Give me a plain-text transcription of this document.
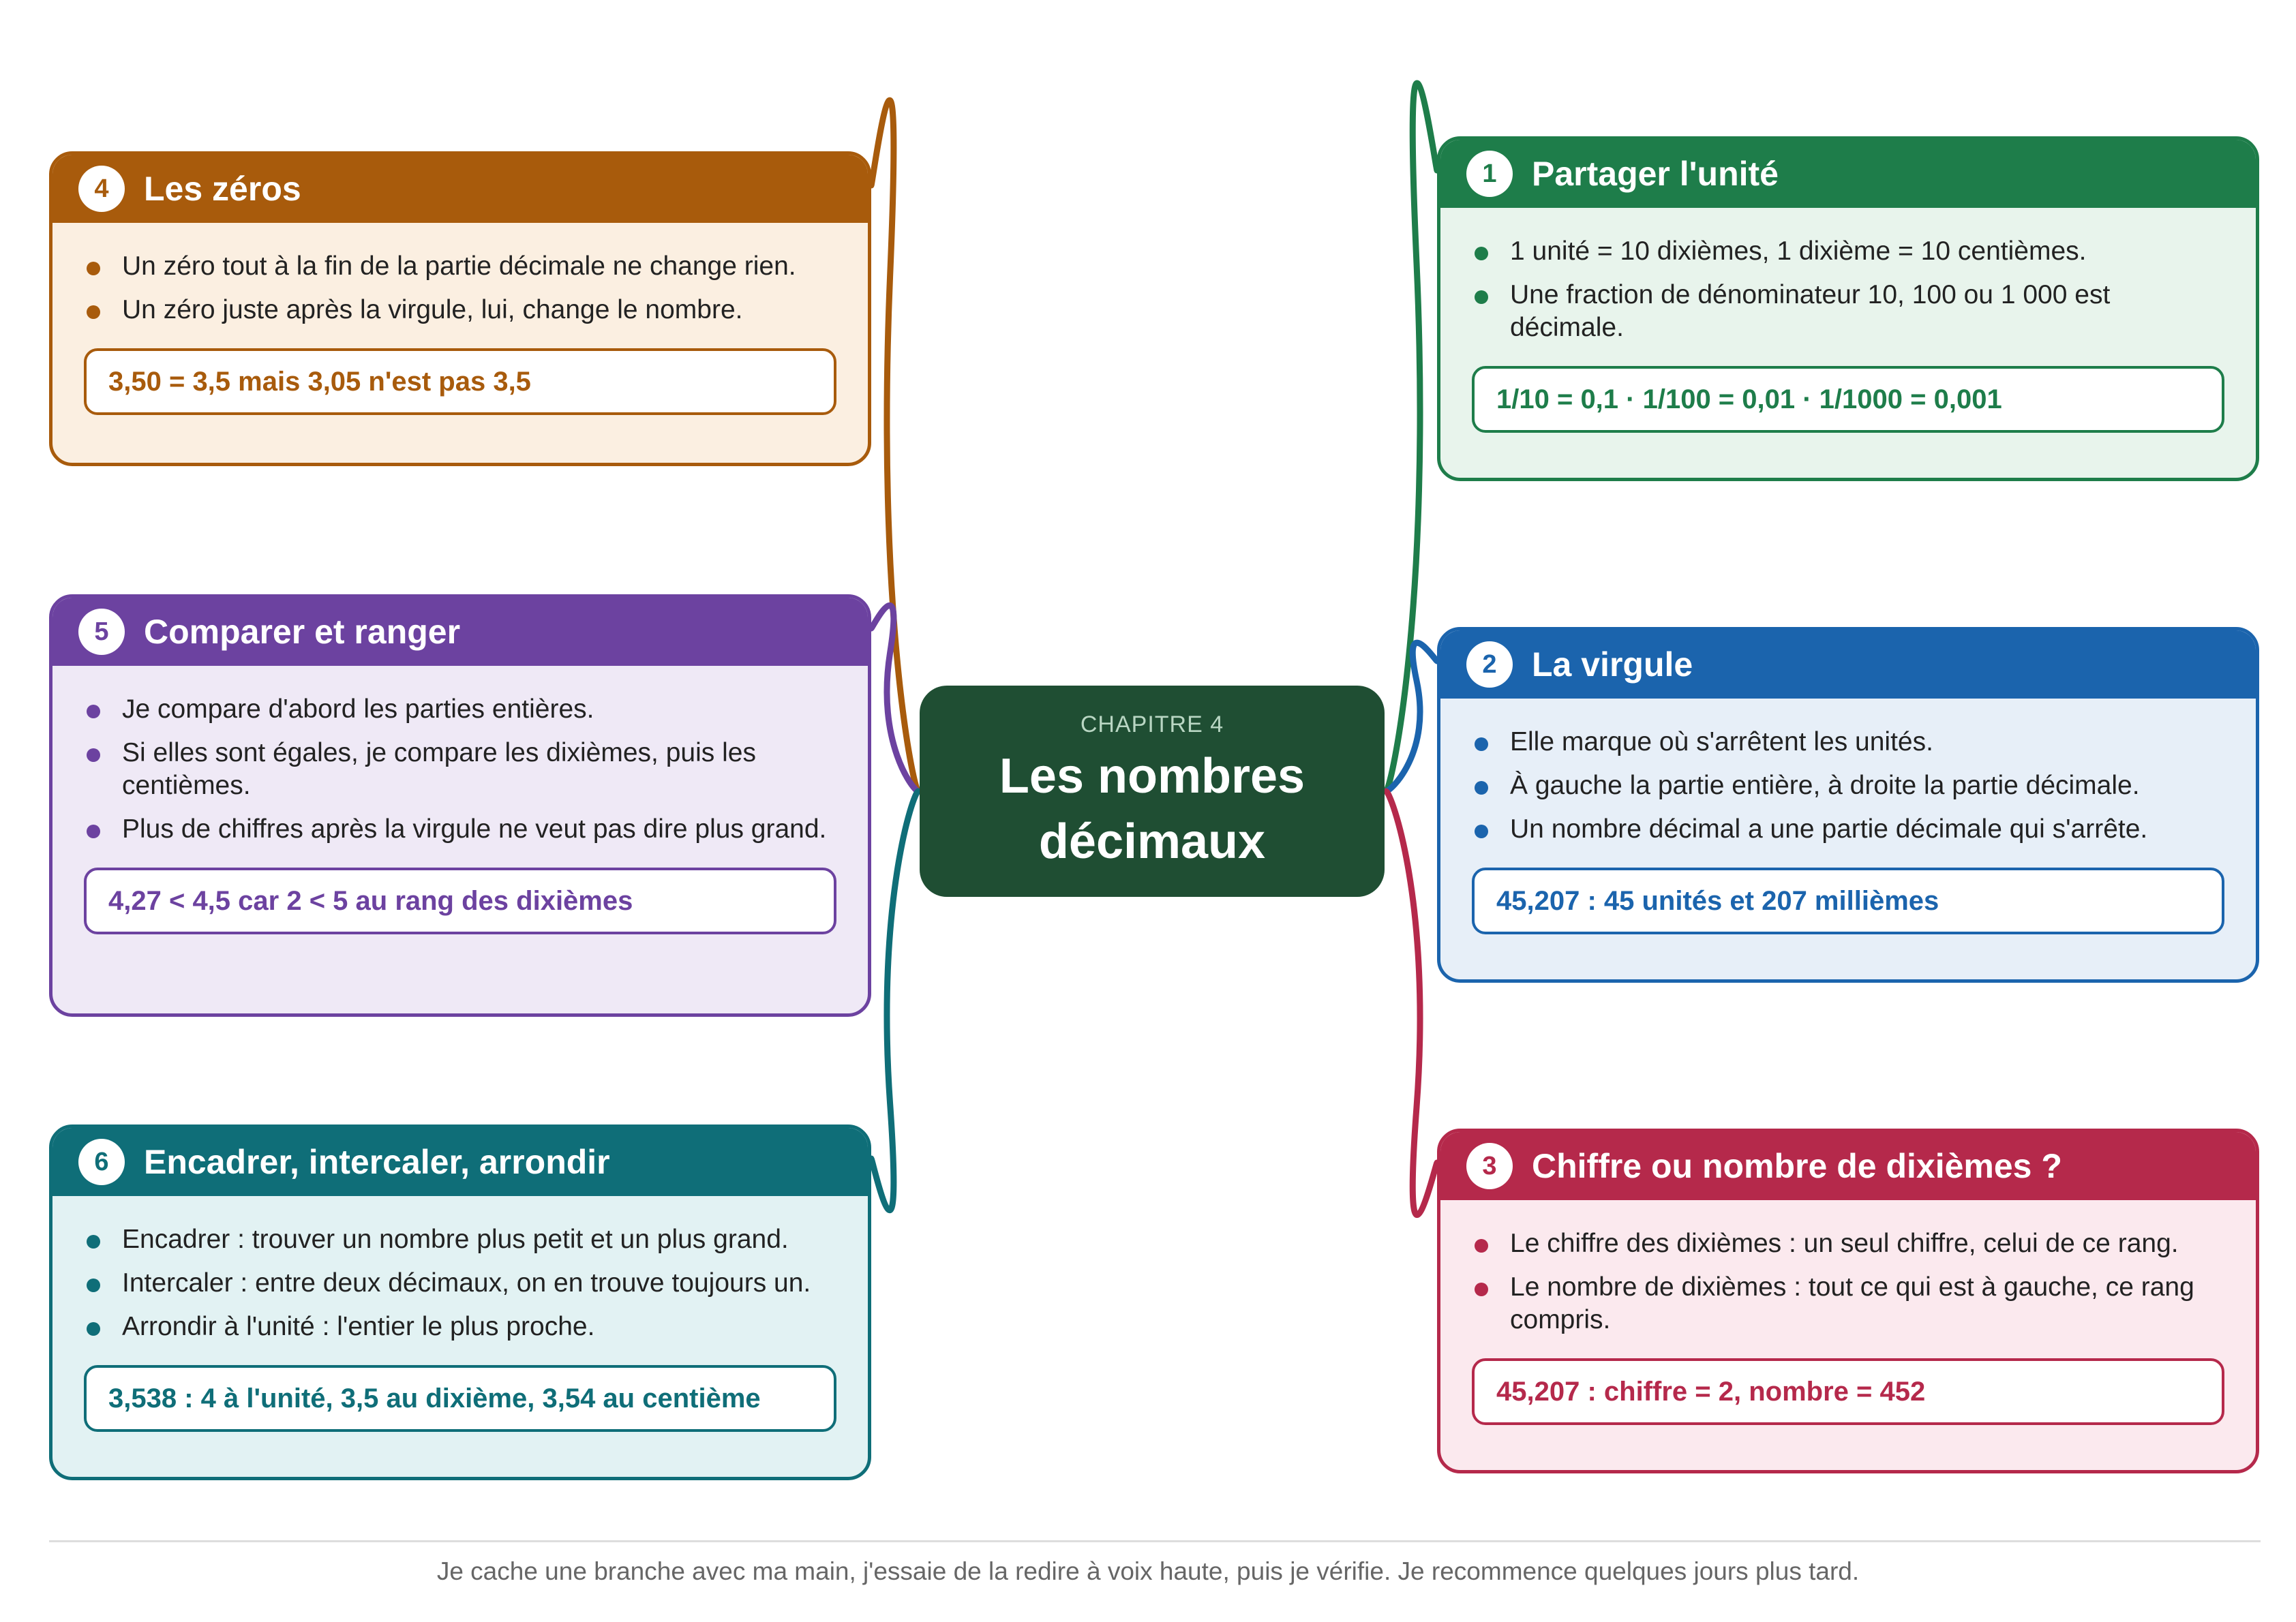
CHAPITRE 4
Les nombres
décimaux
1	Partager l'unité
1 unité = 10 dixièmes, 1 dixième = 10 centièmes.
Une fraction de dénominateur 10, 100 ou 1 000 est décimale.
1/10 = 0,1 · 1/100 = 0,01 · 1/1000 = 0,001
2	La virgule
Elle marque où s'arrêtent les unités.
À gauche la partie entière, à droite la partie décimale.
Un nombre décimal a une partie décimale qui s'arrête.
45,207 : 45 unités et 207 millièmes
3	Chiffre ou nombre de dixièmes ?
Le chiffre des dixièmes : un seul chiffre, celui de ce rang.
Le nombre de dixièmes : tout ce qui est à gauche, ce rang compris.
45,207 : chiffre = 2, nombre = 452
4	Les zéros
Un zéro tout à la fin de la partie décimale ne change rien.
Un zéro juste après la virgule, lui, change le nombre.
3,50 = 3,5 mais 3,05 n'est pas 3,5
5	Comparer et ranger
Je compare d'abord les parties entières.
Si elles sont égales, je compare les dixièmes, puis les centièmes.
Plus de chiffres après la virgule ne veut pas dire plus grand.
4,27 < 4,5 car 2 < 5 au rang des dixièmes
6	Encadrer, intercaler, arrondir
Encadrer : trouver un nombre plus petit et un plus grand.
Intercaler : entre deux décimaux, on en trouve toujours un.
Arrondir à l'unité : l'entier le plus proche.
3,538 : 4 à l'unité, 3,5 au dixième, 3,54 au centième
Je cache une branche avec ma main, j'essaie de la redire à voix haute, puis je vérifie. Je recommence quelques jours plus tard.
